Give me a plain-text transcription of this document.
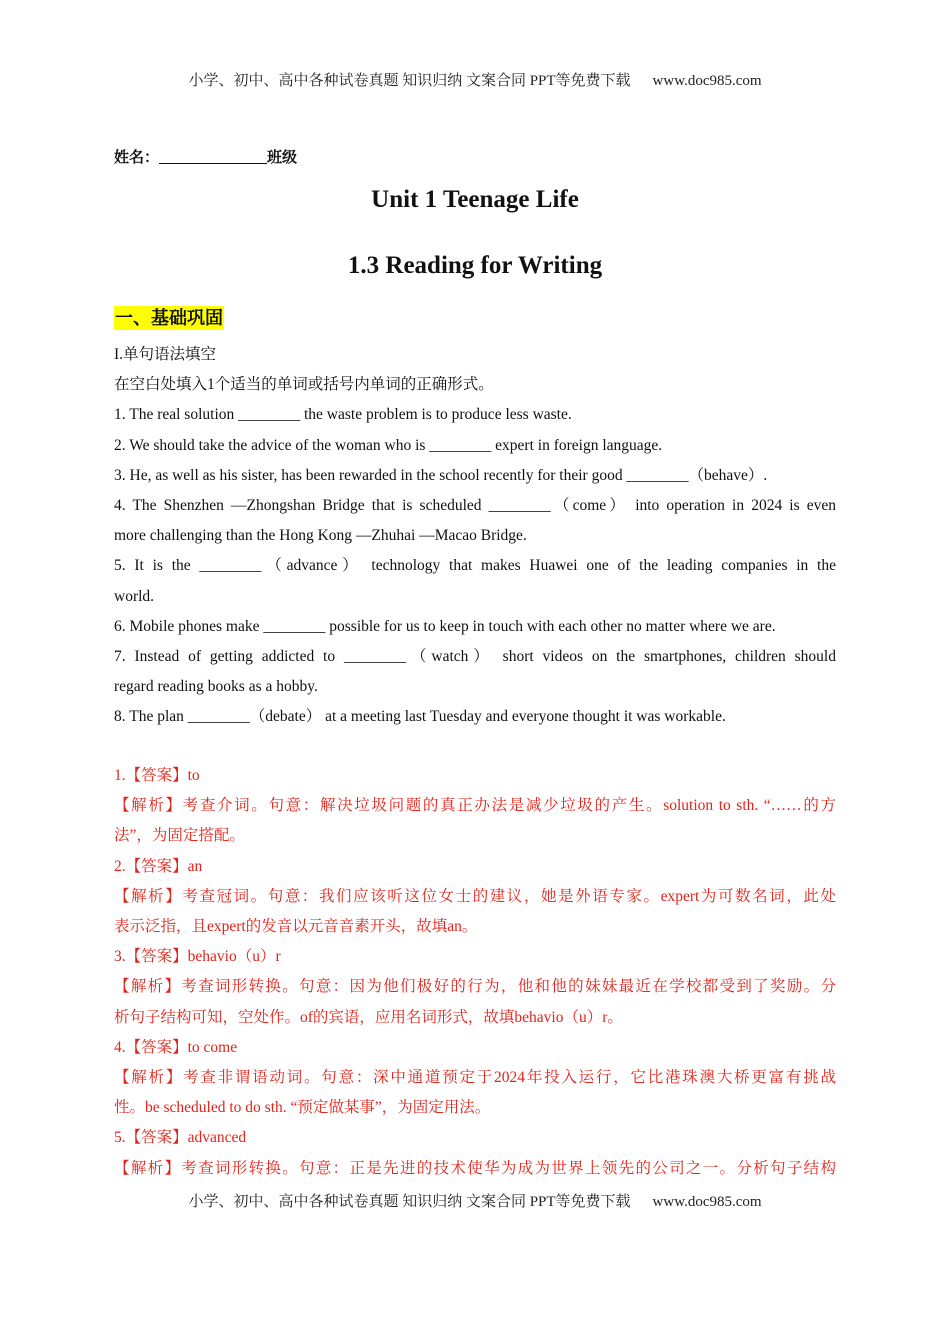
小学、初中、高中各种试卷真题 知识归纳 文案合同 PPT等免费下载 www.doc985.com
姓名：	班级
Unit 1 Teenage Life
1.3 Reading for Writing
一、基础巩固
I.单句语法填空
在空白处填入1个适当的单词或括号内单词的正确形式。
1. The real solution ________ the waste problem is to produce less waste.
2. We should take the advice of the woman who is ________ expert in foreign language.
3. He, as well as his sister, has been rewarded in the school recently for their good ________（behave）.
4. The Shenzhen —Zhongshan Bridge that is scheduled ________（come） into operation in 2024 is even
more challenging than the Hong Kong —Zhuhai —Macao Bridge.
5. It is the ________（advance） technology that makes Huawei one of the leading companies in the
world.
6. Mobile phones make ________ possible for us to keep in touch with each other no matter where we are.
7. Instead of getting addicted to ________（watch） short videos on the smartphones, children should
regard reading books as a hobby.
8. The plan ________（debate） at a meeting last Tuesday and everyone thought it was workable.
1.【答案】to
【解析】考查介词。句意：解决垃圾问题的真正办法是减少垃圾的产生。solution to sth. “……的方
法”，为固定搭配。
2.【答案】an
【解析】考查冠词。句意：我们应该听这位女士的建议，她是外语专家。expert为可数名词，此处
表示泛指，且expert的发音以元音音素开头，故填an。
3.【答案】behavio（u）r
【解析】考查词形转换。句意：因为他们极好的行为，他和他的妹妹最近在学校都受到了奖励。分
析句子结构可知，空处作。of的宾语，应用名词形式，故填behavio（u）r。
4.【答案】to come
【解析】考查非谓语动词。句意：深中通道预定于2024年投入运行，它比港珠澳大桥更富有挑战
性。be scheduled to do sth. “预定做某事”，为固定用法。
5.【答案】advanced
【解析】考查词形转换。句意：正是先进的技术使华为成为世界上领先的公司之一。分析句子结构
小学、初中、高中各种试卷真题 知识归纳 文案合同 PPT等免费下载 www.doc985.com
